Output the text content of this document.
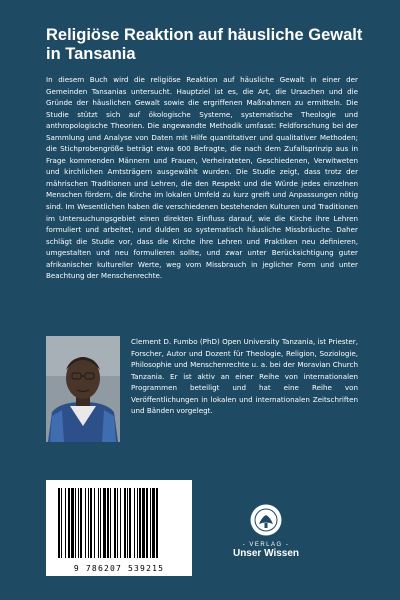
Religiöse Reaktion auf häusliche Gewalt in Tansania

In diesem Buch wird die religiöse Reaktion auf häusliche Gewalt in einer der Gemeinden Tansanias untersucht. Hauptziel ist es, die Art, die Ursachen und die Gründe der häuslichen Gewalt sowie die ergriffenen Maßnahmen zu ermitteln. Die Studie stützt sich auf ökologische Systeme, systematische Theologie und anthropologische Theorien. Die angewandte Methodik umfasst: Feldforschung bei der Sammlung und Analyse von Daten mit Hilfe quantitativer und qualitativer Methoden; die Stichprobengröße beträgt etwa 600 Befragte, die nach dem Zufallsprinzip aus in Frage kommenden Männern und Frauen, Verheirateten, Geschiedenen, Verwitweten und kirchlichen Amtsträgern ausgewählt wurden. Die Studie zeigt, dass trotz der mährischen Traditionen und Lehren, die den Respekt und die Würde jedes einzelnen Menschen fördern, die Kirche im lokalen Umfeld zu kurz greift und Anpassungen nötig sind. Im Wesentlichen haben die verschiedenen bestehenden Kulturen und Traditionen im Untersuchungsgebiet einen direkten Einfluss darauf, wie die Kirche ihre Lehren formuliert und arbeitet, und dulden so systematisch häusliche Missbräuche. Daher schlägt die Studie vor, dass die Kirche ihre Lehren und Praktiken neu definieren, umgestalten und neu formulieren sollte, und zwar unter Berücksichtigung guter afrikanischer kultureller Werte, weg vom Missbrauch in jeglicher Form und unter Beachtung der Menschenrechte.

Clement D. Fumbo (PhD) Open University Tanzania, ist Priester, Forscher, Autor und Dozent für Theologie, Religion, Soziologie, Philosophie und Menschenrechte u. a. bei der Moravian Church Tanzania. Er ist aktiv an einer Reihe von internationalen Programmen beteiligt und hat eine Reihe von Veröffentlichungen in lokalen und internationalen Zeitschriften und Bänden vorgelegt.

9 786207 539215
- VERLAG -
Unser Wissen
